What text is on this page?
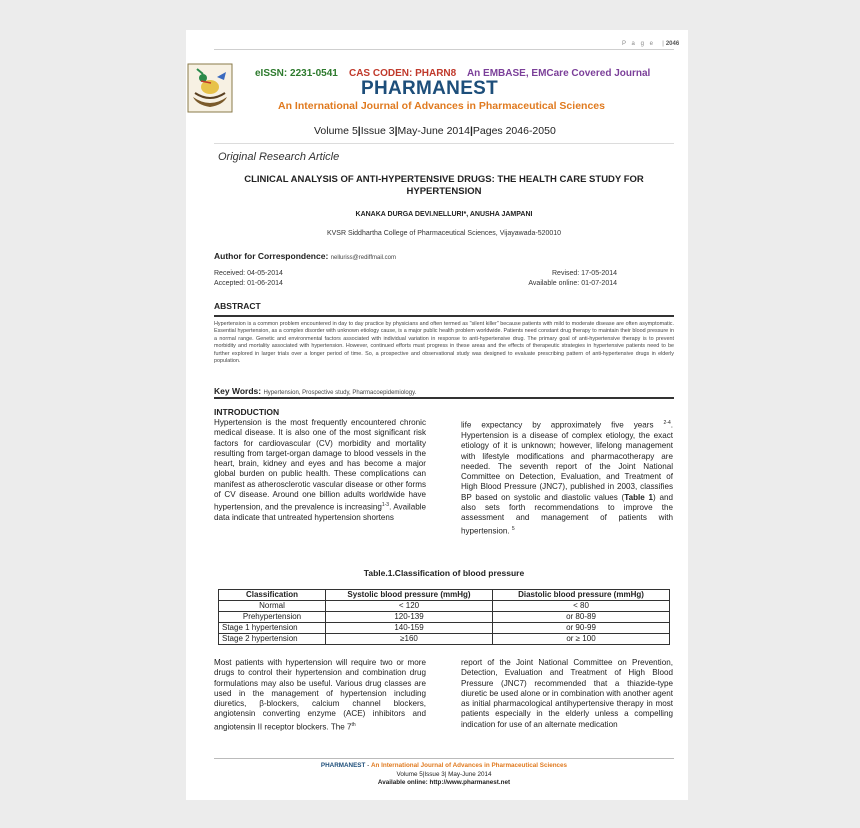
P a g e  |2046
eISSN: 2231-0541 CAS CODEN: PHARN8 An EMBASE, EMCare Covered Journal
PHARMANEST
An International Journal of Advances in Pharmaceutical Sciences
Volume 5|Issue 3|May-June 2014|Pages 2046-2050
Original Research Article
CLINICAL ANALYSIS OF ANTI-HYPERTENSIVE DRUGS: THE HEALTH CARE STUDY FOR HYPERTENSION
KANAKA DURGA DEVI.NELLURI*, ANUSHA JAMPANI
KVSR Siddhartha College of Pharmaceutical Sciences, Vijayawada-520010
Author for Correspondence: nelluriss@rediffmail.com
Received: 04-05-2014
Accepted: 01-06-2014
Revised: 17-05-2014
Available online: 01-07-2014
ABSTRACT
Hypertension is a common problem encountered in day to day practice by physicians and often termed as "silent killer" because patients with mild to moderate disease are often asymptomatic. Essential hypertension, as a complex disorder with unknown etiology cause, is a major public health problem worldwide. Patients need constant drug therapy to maintain their blood pressure in a normal range. Genetic and environmental factors associated with individual variation in response to anti-hypertensive drug. The primary goal of anti-hypertensive therapy is to prevent morbidity and mortality associated with hypertension. However, continued efforts must progress in these areas and the effects of therapeutic strategies in hypertensive patients need to be further explored in larger trials over a longer period of time. So, a prospective and observational study was designed to evaluate prescribing pattern of anti-hypertensive drugs in elderly population.
Key Words: Hypertension, Prospective study, Pharmacoepidemiology.
INTRODUCTION
Hypertension is the most frequently encountered chronic medical disease. It is also one of the most significant risk factors for cardiovascular (CV) morbidity and mortality resulting from target-organ damage to blood vessels in the heart, brain, kidney and eyes and has become a major global burden on public health. These complications can manifest as atherosclerotic vascular disease or other forms of CV disease. Around one billion adults worldwide have hypertension, and the prevalence is increasing$^{1-3}$. Available data indicate that untreated hypertension shortens
life expectancy by approximately five years $^{2-4}$. Hypertension is a disease of complex etiology, the exact etiology of it is unknown; however, lifelong management with lifestyle modifications and pharmacotherapy are needed. The seventh report of the Joint National Committee on Detection, Evaluation, and Treatment of High Blood Pressure (JNC7), published in 2003, classifies BP based on systolic and diastolic values (Table 1) and also sets forth recommendations to improve the assessment and management of patients with hypertension. $^5$
Table.1.Classification of blood pressure
Classification	Systolic blood pressure (mmHg)	Diastolic blood pressure (mmHg)
Normal	< 120	< 80
Prehypertension	120-139	or 80-89
Stage 1 hypertension	140-159	or 90-99
Stage 2 hypertension	≥160	or ≥ 100
Most patients with hypertension will require two or more drugs to control their hypertension and combination drug formulations may also be useful. Various drug classes are used in the management of hypertension including diuretics, β-blockers, calcium channel blockers, angiotensin converting enzyme (ACE) inhibitors and angiotensin II receptor blockers. The 7th
report of the Joint National Committee on Prevention, Detection, Evaluation and Treatment of High Blood Pressure (JNC7) recommended that a thiazide-type diuretic be used alone or in combination with another agent as initial pharmacological antihypertensive therapy in most patients especially in the elderly unless a compelling indication for use of an alternate medication
PHARMANEST - An International Journal of Advances in Pharmaceutical Sciences
Volume 5|Issue 3| May-June 2014
Available online: http://www.pharmanest.net
